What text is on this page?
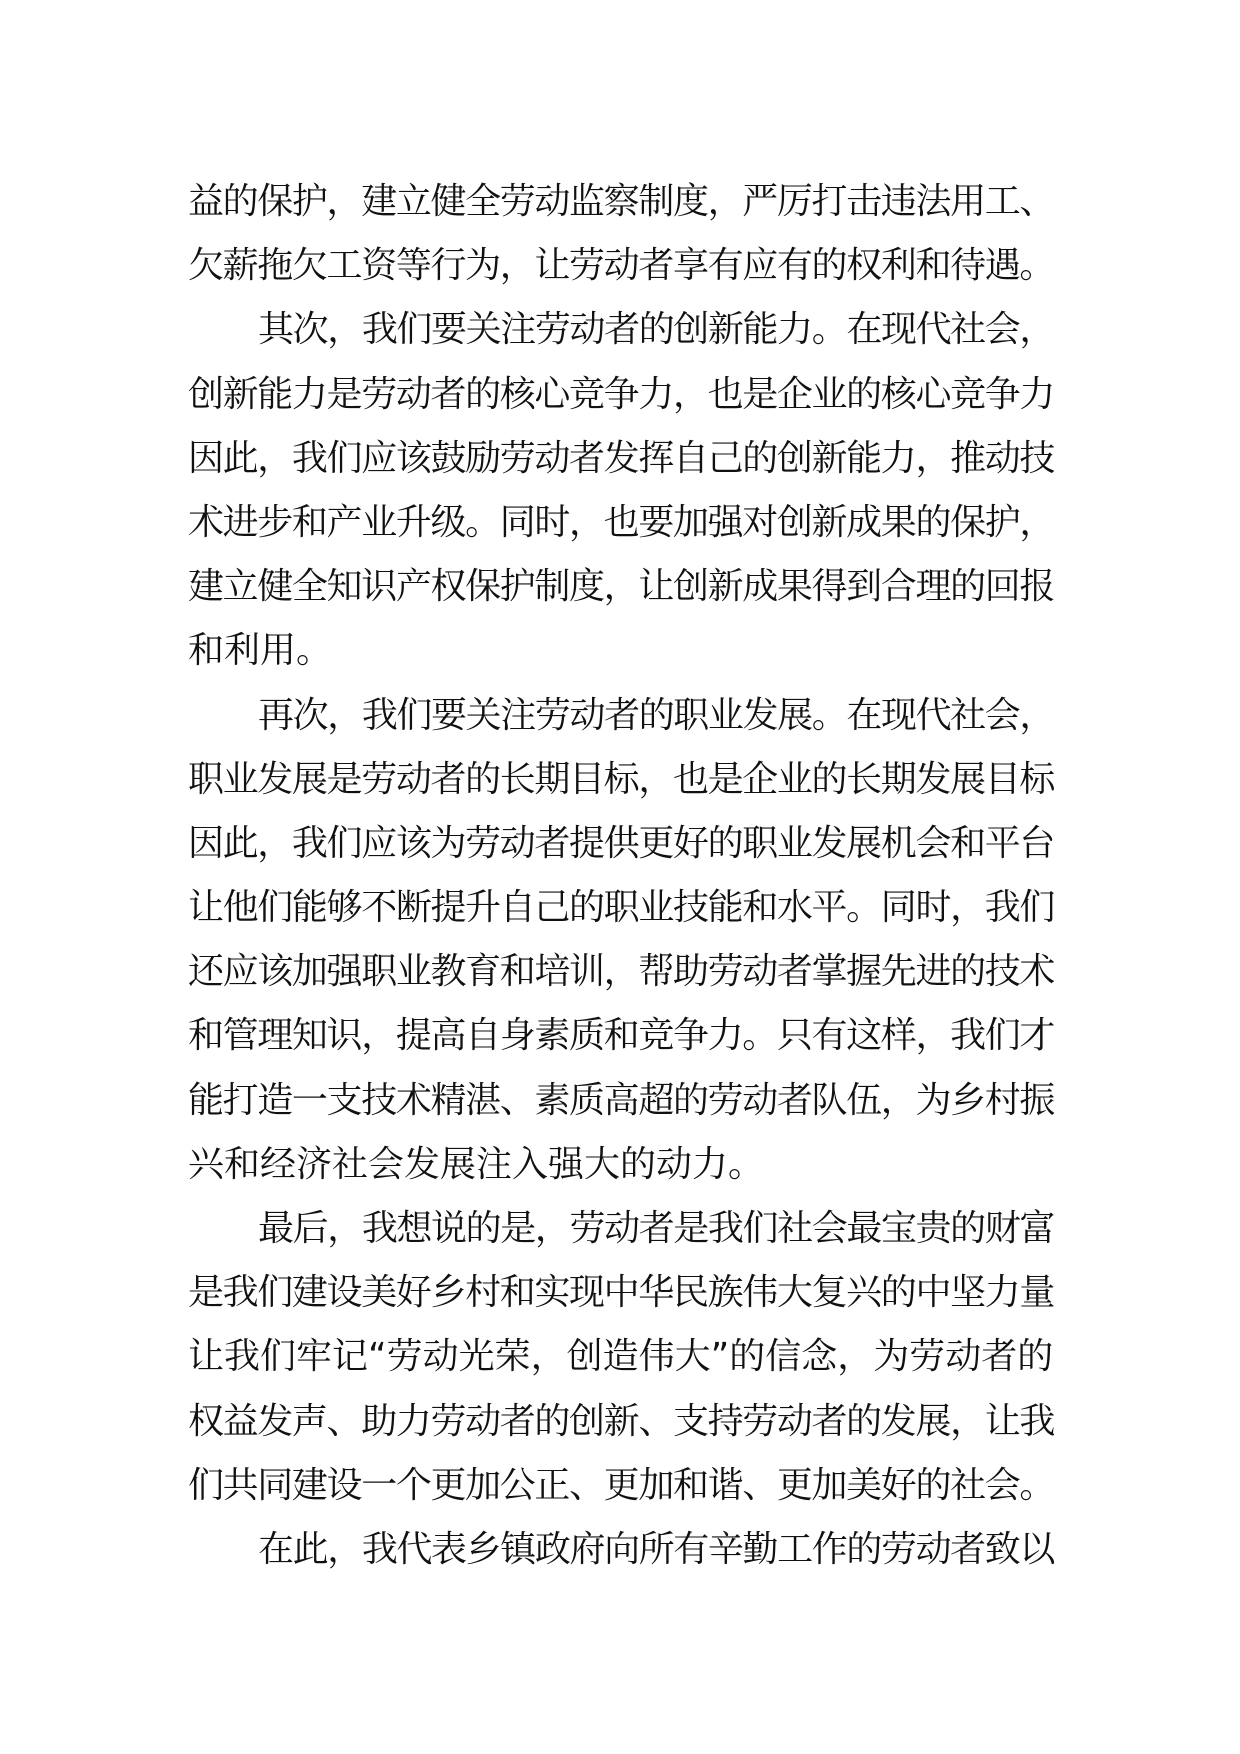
益的保护，建立健全劳动监察制度，严厉打击违法用工、
欠薪拖欠工资等行为，让劳动者享有应有的权利和待遇。
其次，我们要关注劳动者的创新能力。在现代社会，
创新能力是劳动者的核心竞争力，也是企业的核心竞争力
因此，我们应该鼓励劳动者发挥自己的创新能力，推动技
术进步和产业升级。同时，也要加强对创新成果的保护，
建立健全知识产权保护制度，让创新成果得到合理的回报
和利用。
再次，我们要关注劳动者的职业发展。在现代社会，
职业发展是劳动者的长期目标，也是企业的长期发展目标
因此，我们应该为劳动者提供更好的职业发展机会和平台
让他们能够不断提升自己的职业技能和水平。同时，我们
还应该加强职业教育和培训，帮助劳动者掌握先进的技术
和管理知识，提高自身素质和竞争力。只有这样，我们才
能打造一支技术精湛、素质高超的劳动者队伍，为乡村振
兴和经济社会发展注入强大的动力。
最后，我想说的是，劳动者是我们社会最宝贵的财富
是我们建设美好乡村和实现中华民族伟大复兴的中坚力量
让我们牢记“劳动光荣，创造伟大”的信念，为劳动者的
权益发声、助力劳动者的创新、支持劳动者的发展，让我
们共同建设一个更加公正、更加和谐、更加美好的社会。
在此，我代表乡镇政府向所有辛勤工作的劳动者致以
